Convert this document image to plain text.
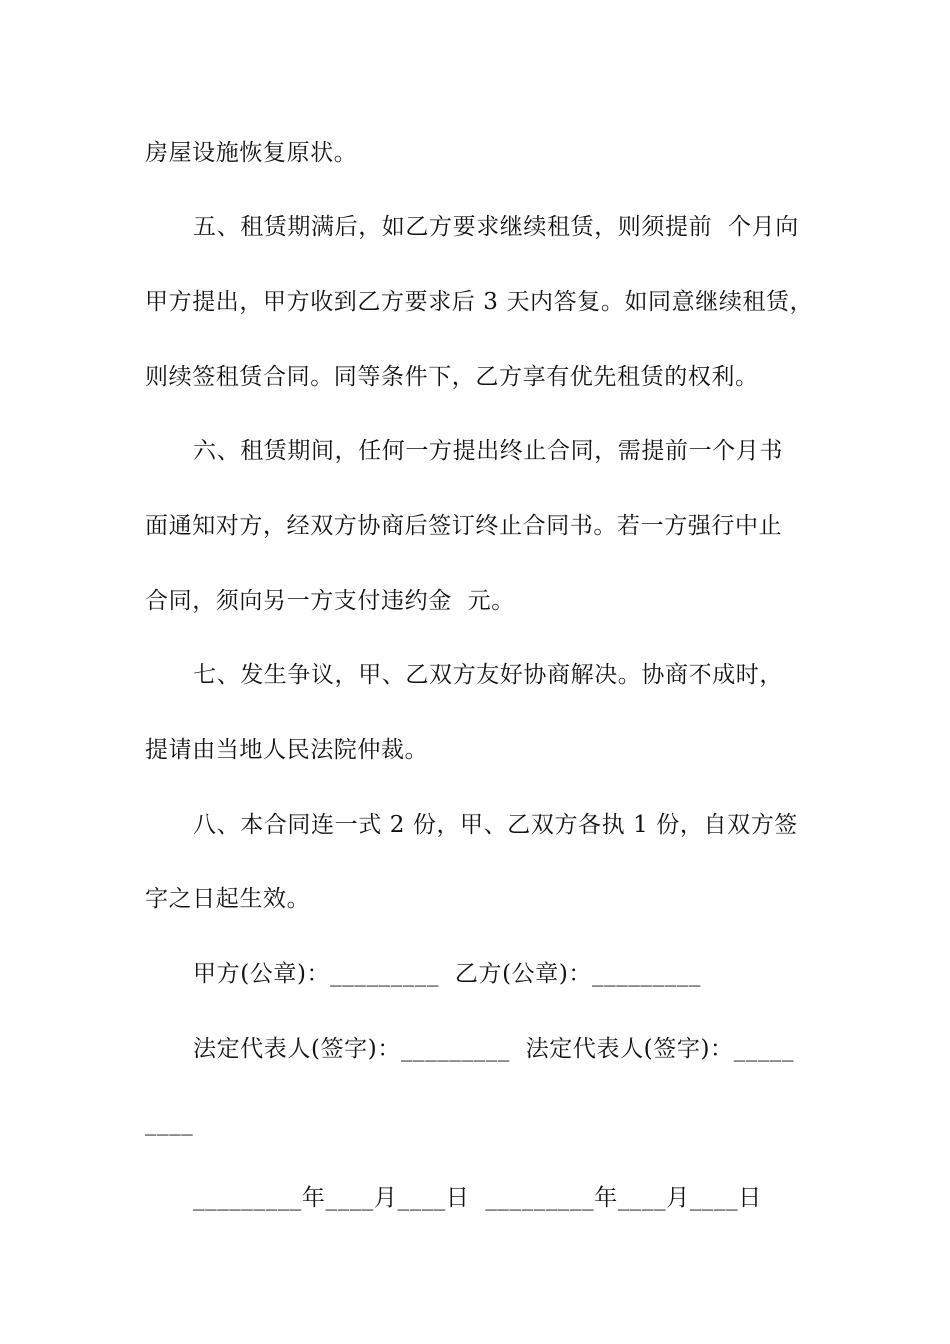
房屋设施恢复原状。
五、租赁期满后，如乙方要求继续租赁，则须提前  个月向
甲方提出，甲方收到乙方要求后 3 天内答复。如同意继续租赁，
则续签租赁合同。同等条件下，乙方享有优先租赁的权利。
六、租赁期间，任何一方提出终止合同，需提前一个月书
面通知对方，经双方协商后签订终止合同书。若一方强行中止
合同，须向另一方支付违约金  元。
七、发生争议，甲、乙双方友好协商解决。协商不成时，
提请由当地人民法院仲裁。
八、本合同连一式 2 份，甲、乙双方各执 1 份，自双方签
字之日起生效。
甲方(公章)：_________  乙方(公章)：_________
法定代表人(签字)：_________  法定代表人(签字)：_____
____
_________年____月____日  _________年____月____日
